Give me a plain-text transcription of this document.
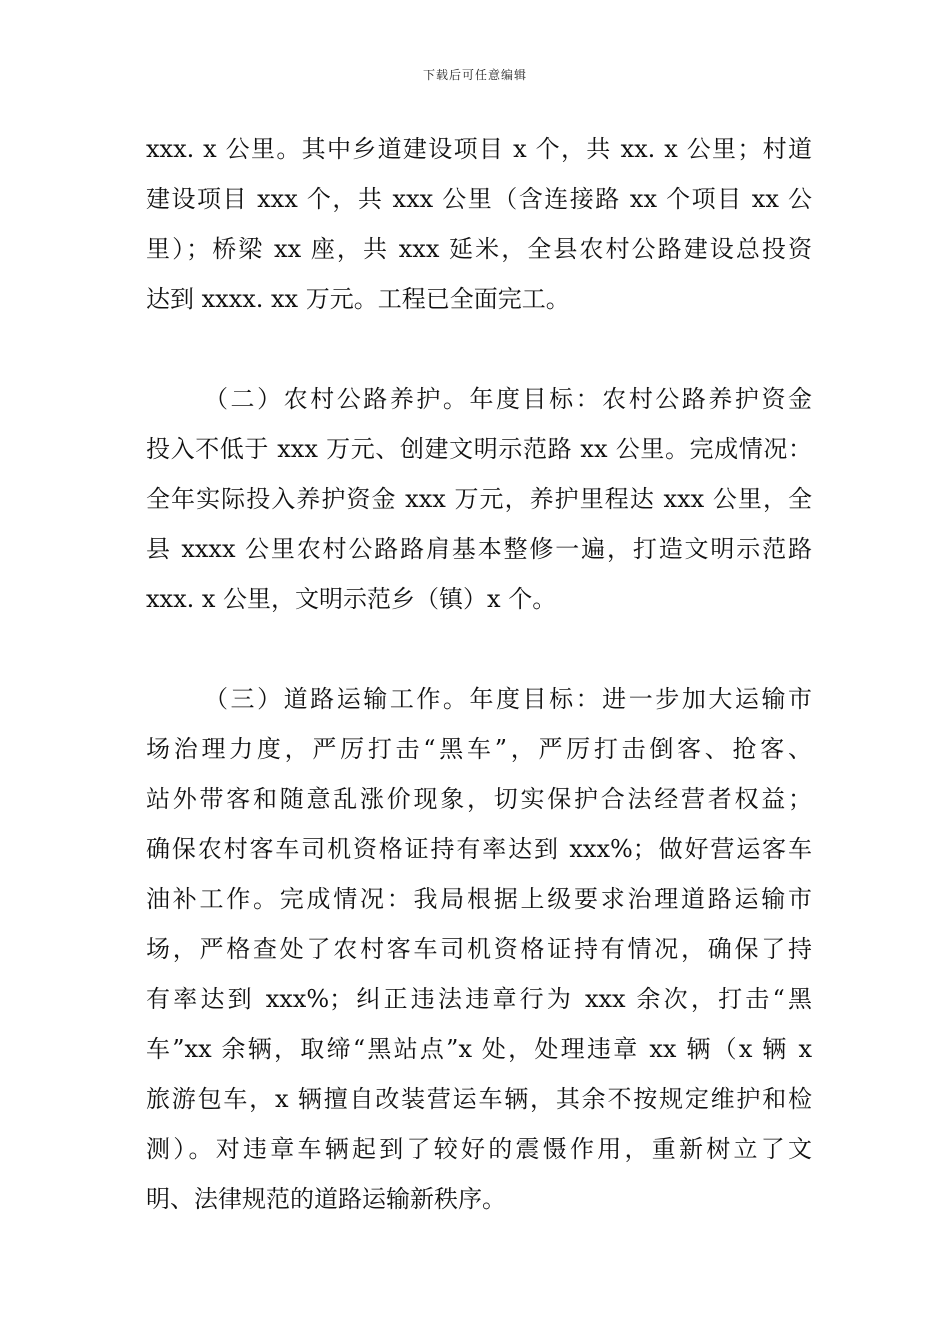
下载后可任意编辑
xxx. x 公里。其中乡道建设项目 x 个，共 xx. x 公里；村道
建设项目 xxx 个，共 xxx 公里（含连接路 xx 个项目 xx 公
里）；桥梁 xx 座，共 xxx 延米，全县农村公路建设总投资
达到 xxxx. xx 万元。工程已全面完工。
（二）农村公路养护。年度目标：农村公路养护资金
投入不低于 xxx 万元、创建文明示范路 xx 公里。完成情况：
全年实际投入养护资金 xxx 万元，养护里程达 xxx 公里，全
县 xxxx 公里农村公路路肩基本整修一遍，打造文明示范路
xxx. x 公里，文明示范乡（镇）x 个。
（三）道路运输工作。年度目标：进一步加大运输市
场治理力度，严厉打击“黑车”，严厉打击倒客、抢客、
站外带客和随意乱涨价现象，切实保护合法经营者权益；
确保农村客车司机资格证持有率达到 xxx%；做好营运客车
油补工作。完成情况：我局根据上级要求治理道路运输市
场，严格查处了农村客车司机资格证持有情况，确保了持
有率达到 xxx%；纠正违法违章行为 xxx 余次，打击“黑
车”xx 余辆，取缔“黑站点”x 处，处理违章 xx 辆（x 辆 x
旅游包车，x 辆擅自改装营运车辆，其余不按规定维护和检
测）。对违章车辆起到了较好的震慑作用，重新树立了文
明、法律规范的道路运输新秩序。
